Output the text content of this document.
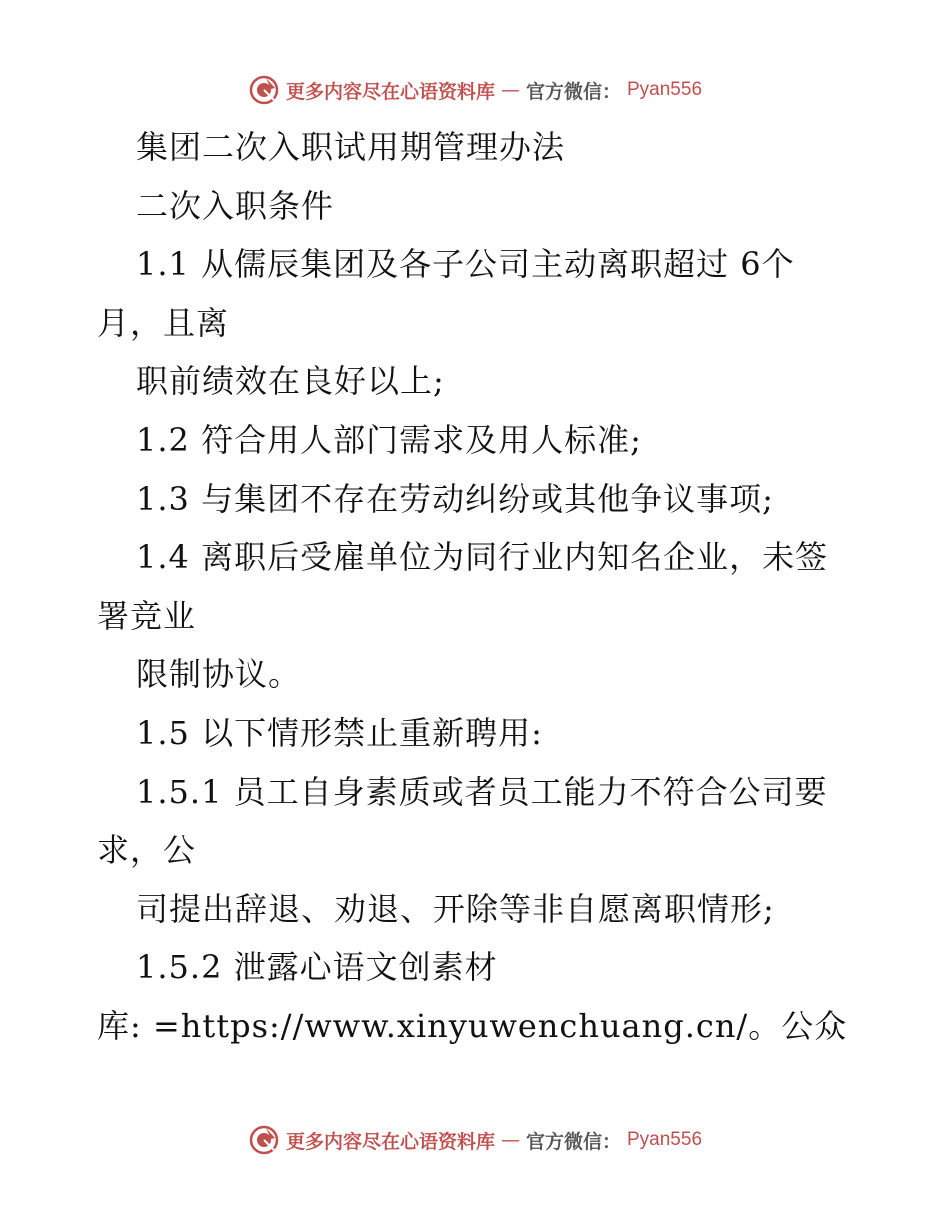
更多内容尽在心语资料库 — 官方微信： Pyan556
集团二次入职试用期管理办法
二次入职条件
1.1 从儒辰集团及各子公司主动离职超过 6个
月，且离
职前绩效在良好以上;
1.2 符合用人部门需求及用人标准;
1.3 与集团不存在劳动纠纷或其他争议事项;
1.4 离职后受雇单位为同行业内知名企业，未签
署竞业
限制协议。
1.5 以下情形禁止重新聘用:
1.5.1 员工自身素质或者员工能力不符合公司要
求，公
司提出辞退、劝退、开除等非自愿离职情形;
1.5.2 泄露心语文创素材
库: =https://www.xinyuwenchuang.cn/。公众
更多内容尽在心语资料库 — 官方微信： Pyan556
